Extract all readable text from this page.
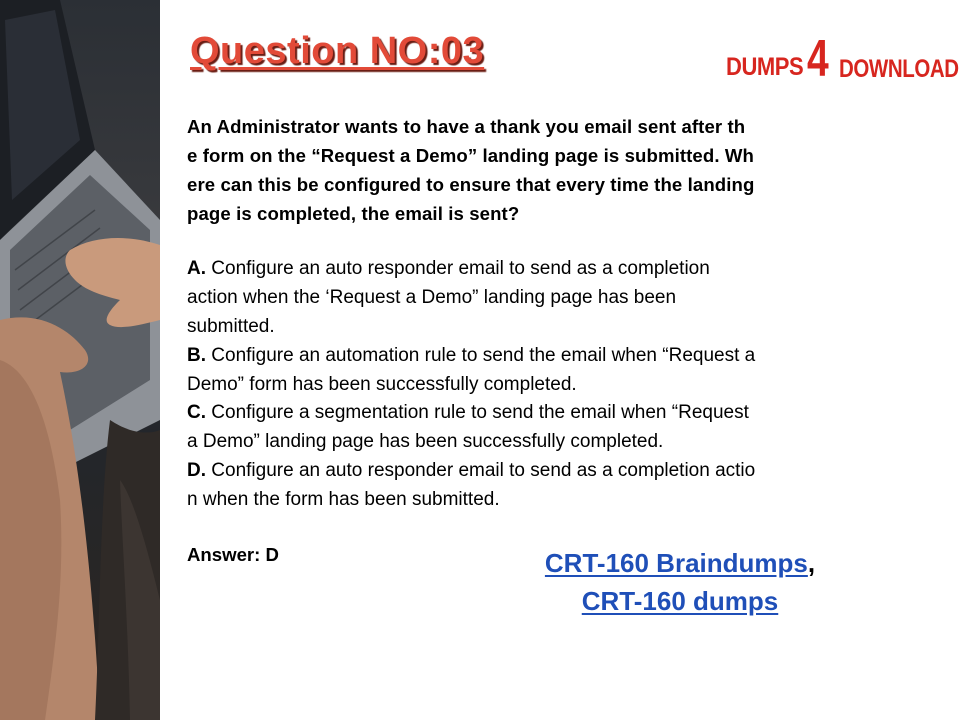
Question NO:03	DUMPS 4 DOWNLOAD
An Administrator wants to have a thank you email sent after th
e form on the “Request a Demo” landing page is submitted. Wh
ere can this be configured to ensure that every time the landing
page is completed, the email is sent?
A. Configure an auto responder email to send as a completion
action when the ‘Request a Demo” landing page has been
submitted.
B. Configure an automation rule to send the email when “Request a
Demo” form has been successfully completed.
C. Configure a segmentation rule to send the email when “Request
a Demo” landing page has been successfully completed.
D. Configure an auto responder email to send as a completion actio
n when the form has been submitted.
Answer: D	CRT-160 Braindumps,
CRT-160 dumps
